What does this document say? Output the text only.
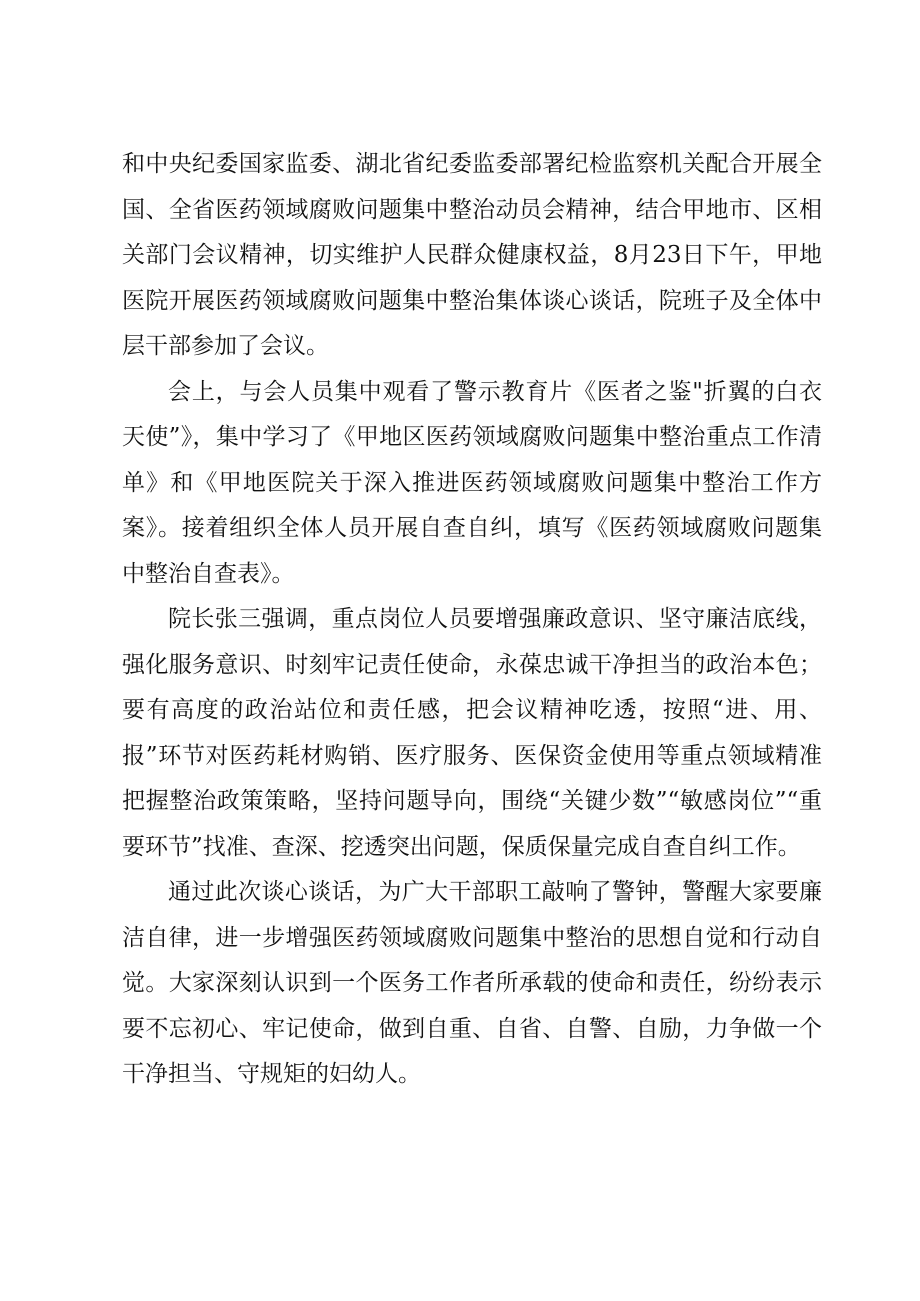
和中央纪委国家监委、湖北省纪委监委部署纪检监察机关配合开展全国、全省医药领域腐败问题集中整治动员会精神，结合甲地市、区相关部门会议精神，切实维护人民群众健康权益，8月23日下午，甲地医院开展医药领域腐败问题集中整治集体谈心谈话，院班子及全体中层干部参加了会议。

会上，与会人员集中观看了警示教育片《医者之鉴"折翼的白衣天使”》，集中学习了《甲地区医药领域腐败问题集中整治重点工作清单》和《甲地医院关于深入推进医药领域腐败问题集中整治工作方案》。接着组织全体人员开展自查自纠，填写《医药领域腐败问题集中整治自查表》。

院长张三强调，重点岗位人员要增强廉政意识、坚守廉洁底线，强化服务意识、时刻牢记责任使命，永葆忠诚干净担当的政治本色；要有高度的政治站位和责任感，把会议精神吃透，按照“进、用、报”环节对医药耗材购销、医疗服务、医保资金使用等重点领域精准把握整治政策策略，坚持问题导向，围绕“关键少数”“敏感岗位”“重要环节”找准、查深、挖透突出问题，保质保量完成自查自纠工作。

通过此次谈心谈话，为广大干部职工敲响了警钟，警醒大家要廉洁自律，进一步增强医药领域腐败问题集中整治的思想自觉和行动自觉。大家深刻认识到一个医务工作者所承载的使命和责任，纷纷表示要不忘初心、牢记使命，做到自重、自省、自警、自励，力争做一个干净担当、守规矩的妇幼人。
